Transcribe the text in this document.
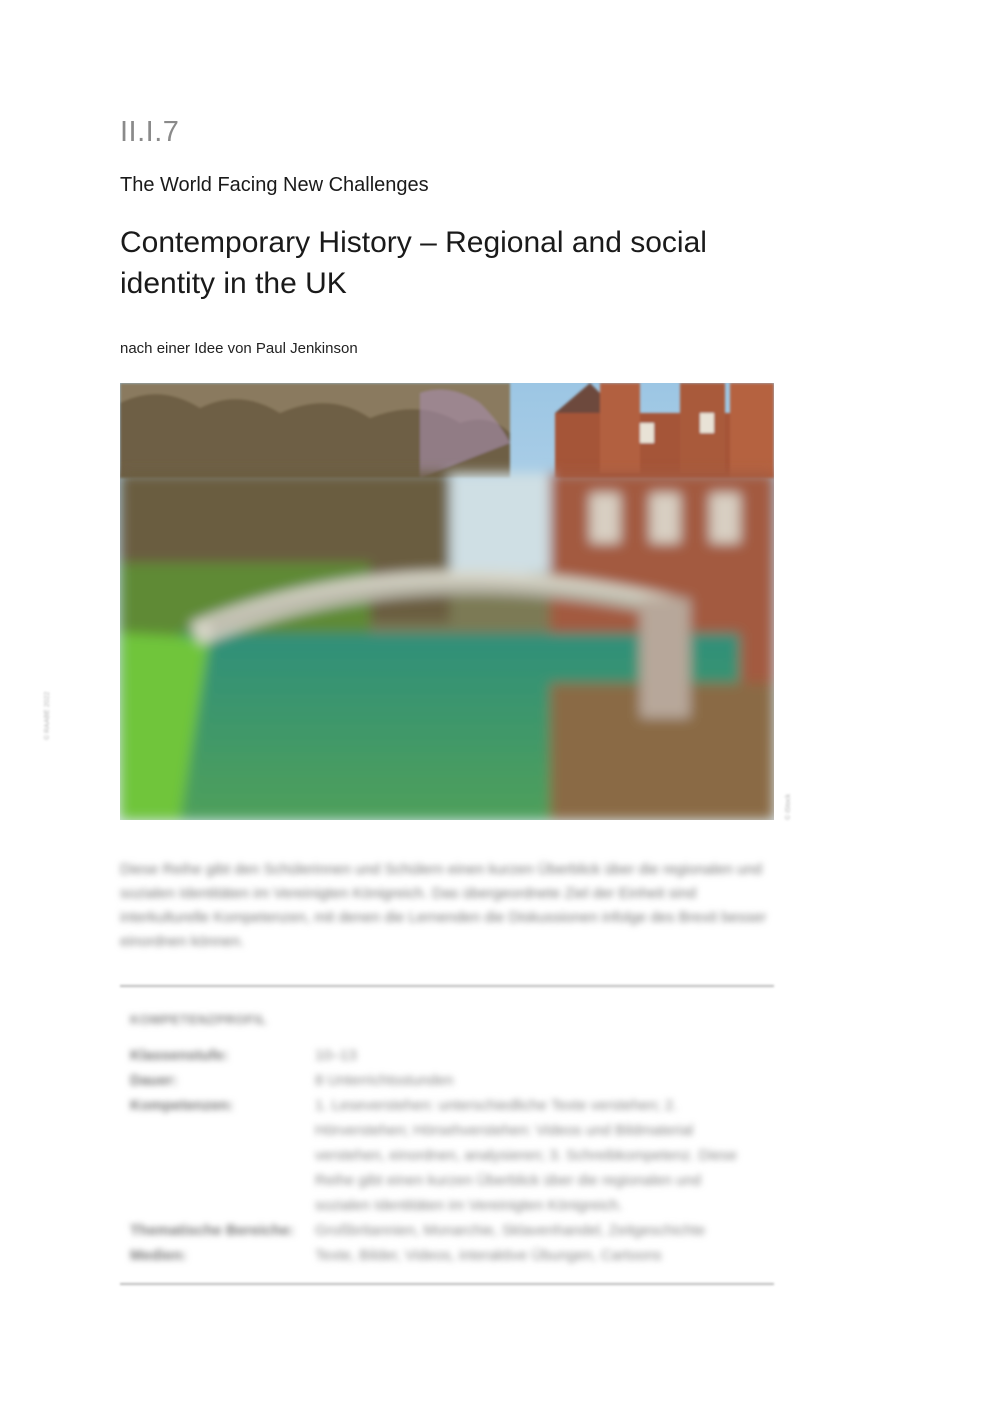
II.I.7
The World Facing New Challenges
Contemporary History – Regional and social identity in the UK
nach einer Idee von Paul Jenkinson
© RAABE 2022
© iStock
Diese Reihe gibt den Schülerinnen und Schülern einen kurzen Überblick über die regionalen und sozialen Identitäten im Vereinigten Königreich. Das übergeordnete Ziel der Einheit sind interkulturelle Kompetenzen, mit denen die Lernenden die Diskussionen infolge des Brexit besser einordnen können.
KOMPETENZPROFIL
Klassenstufe:	10–13
Dauer:	8 Unterrichtsstunden
Kompetenzen:	1. Leseverstehen: unterschiedliche Texte verstehen; 2. Hörverstehen; Hörsehverstehen: Videos und Bildmaterial verstehen, einordnen, analysieren; 3. Schreibkompetenz. Diese Reihe gibt einen kurzen Überblick über die regionalen und sozialen Identitäten im Vereinigten Königreich.
Thematische Bereiche:	Großbritannien, Monarchie, Sklavenhandel, Zeitgeschichte
Medien:	Texte, Bilder, Videos, interaktive Übungen, Cartoons
